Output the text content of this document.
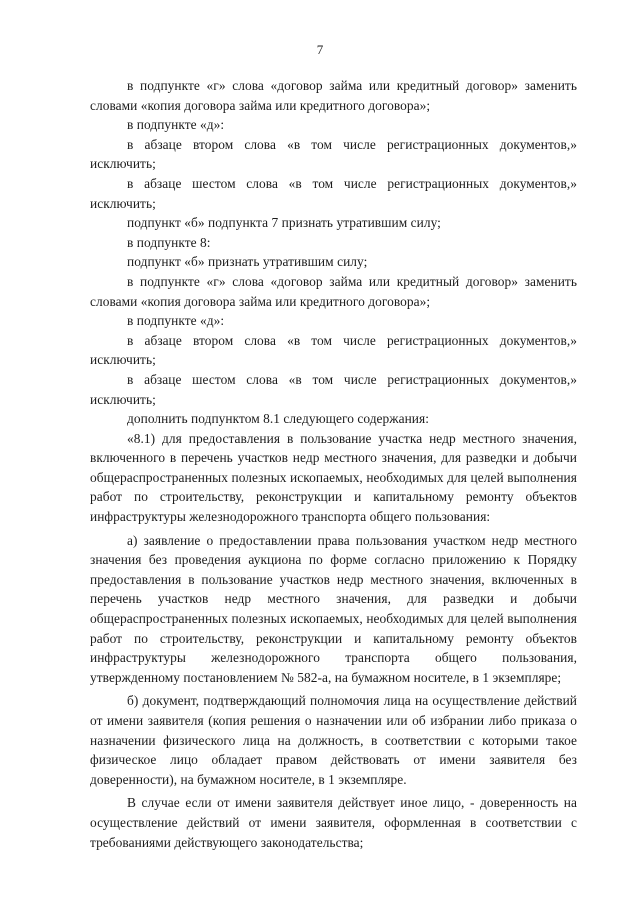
7

в подпункте «г» слова «договор займа или кредитный договор» заменить словами «копия договора займа или кредитного договора»;

в подпункте «д»:

в абзаце втором слова «в том числе регистрационных документов,» исключить;

в абзаце шестом слова «в том числе регистрационных документов,» исключить;

подпункт «б» подпункта 7 признать утратившим силу;

в подпункте 8:

подпункт «б» признать утратившим силу;

в подпункте «г» слова «договор займа или кредитный договор» заменить словами «копия договора займа или кредитного договора»;

в подпункте «д»:

в абзаце втором слова «в том числе регистрационных документов,» исключить;

в абзаце шестом слова «в том числе регистрационных документов,» исключить;

дополнить подпунктом 8.1 следующего содержания:

«8.1) для предоставления в пользование участка недр местного значения, включенного в перечень участков недр местного значения, для разведки и добычи общераспространенных полезных ископаемых, необходимых для целей выполнения работ по строительству, реконструкции и капитальному ремонту объектов инфраструктуры железнодорожного транспорта общего пользования:

а) заявление о предоставлении права пользования участком недр местного значения без проведения аукциона по форме согласно приложению к Порядку предоставления в пользование участков недр местного значения, включенных в перечень участков недр местного значения, для разведки и добычи общераспространенных полезных ископаемых, необходимых для целей выполнения работ по строительству, реконструкции и капитальному ремонту объектов инфраструктуры железнодорожного транспорта общего пользования, утвержденному постановлением № 582-а, на бумажном носителе, в 1 экземпляре;

б) документ, подтверждающий полномочия лица на осуществление действий от имени заявителя (копия решения о назначении или об избрании либо приказа о назначении физического лица на должность, в соответствии с которыми такое физическое лицо обладает правом действовать от имени заявителя без доверенности), на бумажном носителе, в 1 экземпляре.

В случае если от имени заявителя действует иное лицо, - доверенность на осуществление действий от имени заявителя, оформленная в соответствии с требованиями действующего законодательства;
